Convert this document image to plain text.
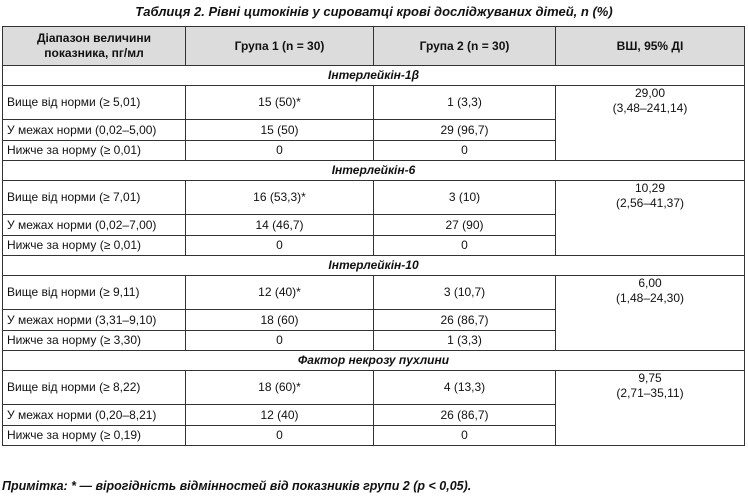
Таблиця 2. Рівні цитокінів у сироватці крові досліджуваних дітей, n (%)
Діапазон величини показника, пг/мл	Група 1 (n = 30)	Група 2 (n = 30)	ВШ, 95% ДІ
Інтерлейкін-1β			
Вище від норми (≥ 5,01)	15 (50)*	1 (3,3)	29,00
(3,48–241,14)

У межах норми (0,02–5,00)	15 (50)	29 (96,7)	
Нижче за норму (≥ 0,01)	0	0	
Інтерлейкін-6			
Вище від норми (≥ 7,01)	16 (53,3)*	3 (10)	10,29
(2,56–41,37)

У межах норми (0,02–7,00)	14 (46,7)	27 (90)	
Нижче за норму (≥ 0,01)	0	0	
Інтерлейкін-10			
Вище від норми (≥ 9,11)	12 (40)*	3 (10,7)	6,00
(1,48–24,30)

У межах норми (3,31–9,10)	18 (60)	26 (86,7)	
Нижче за норму (≥ 3,30)	0	1 (3,3)	
Фактор некрозу пухлини			
Вище від норми (≥ 8,22)	18 (60)*	4 (13,3)	9,75
(2,71–35,11)

У межах норми (0,20–8,21)	12 (40)	26 (86,7)	
Нижче за норму (≥ 0,19)	0	0	
Примітка: * — вірогідність відмінностей від показників групи 2 (р < 0,05).
